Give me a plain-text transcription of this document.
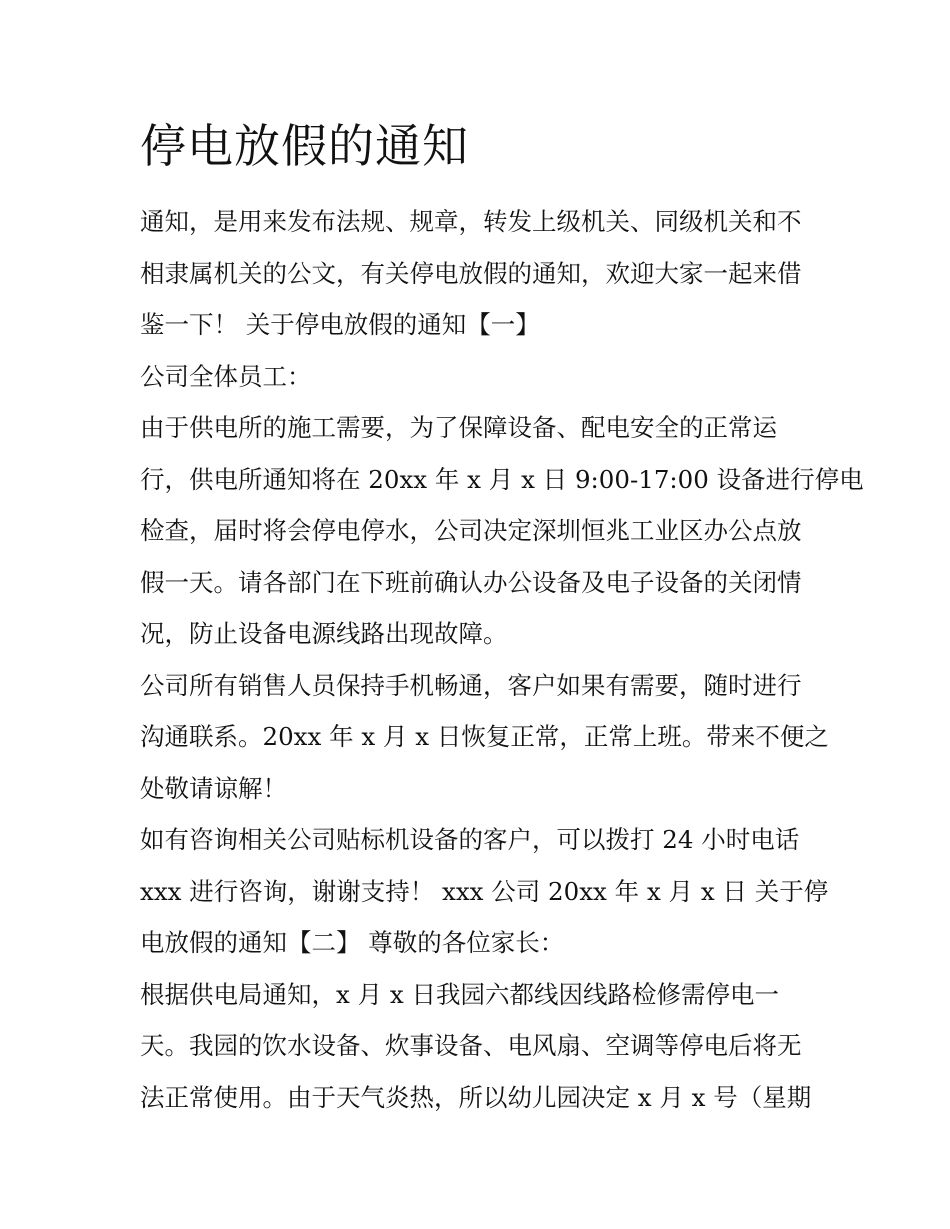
停电放假的通知
通知，是用来发布法规、规章，转发上级机关、同级机关和不
相隶属机关的公文，有关停电放假的通知，欢迎大家一起来借
鉴一下！ 关于停电放假的通知【一】
公司全体员工：
由于供电所的施工需要，为了保障设备、配电安全的正常运
行，供电所通知将在 20xx 年 x 月 x 日 9:00-17:00 设备进行停电
检查，届时将会停电停水，公司决定深圳恒兆工业区办公点放
假一天。请各部门在下班前确认办公设备及电子设备的关闭情
况，防止设备电源线路出现故障。
公司所有销售人员保持手机畅通，客户如果有需要，随时进行
沟通联系。20xx 年 x 月 x 日恢复正常，正常上班。带来不便之
处敬请谅解！
如有咨询相关公司贴标机设备的客户，可以拨打 24 小时电话
xxx 进行咨询，谢谢支持！ xxx 公司 20xx 年 x 月 x 日 关于停
电放假的通知【二】 尊敬的各位家长：
根据供电局通知，x 月 x 日我园六都线因线路检修需停电一
天。我园的饮水设备、炊事设备、电风扇、空调等停电后将无
法正常使用。由于天气炎热，所以幼儿园决定 x 月 x 号（星期
